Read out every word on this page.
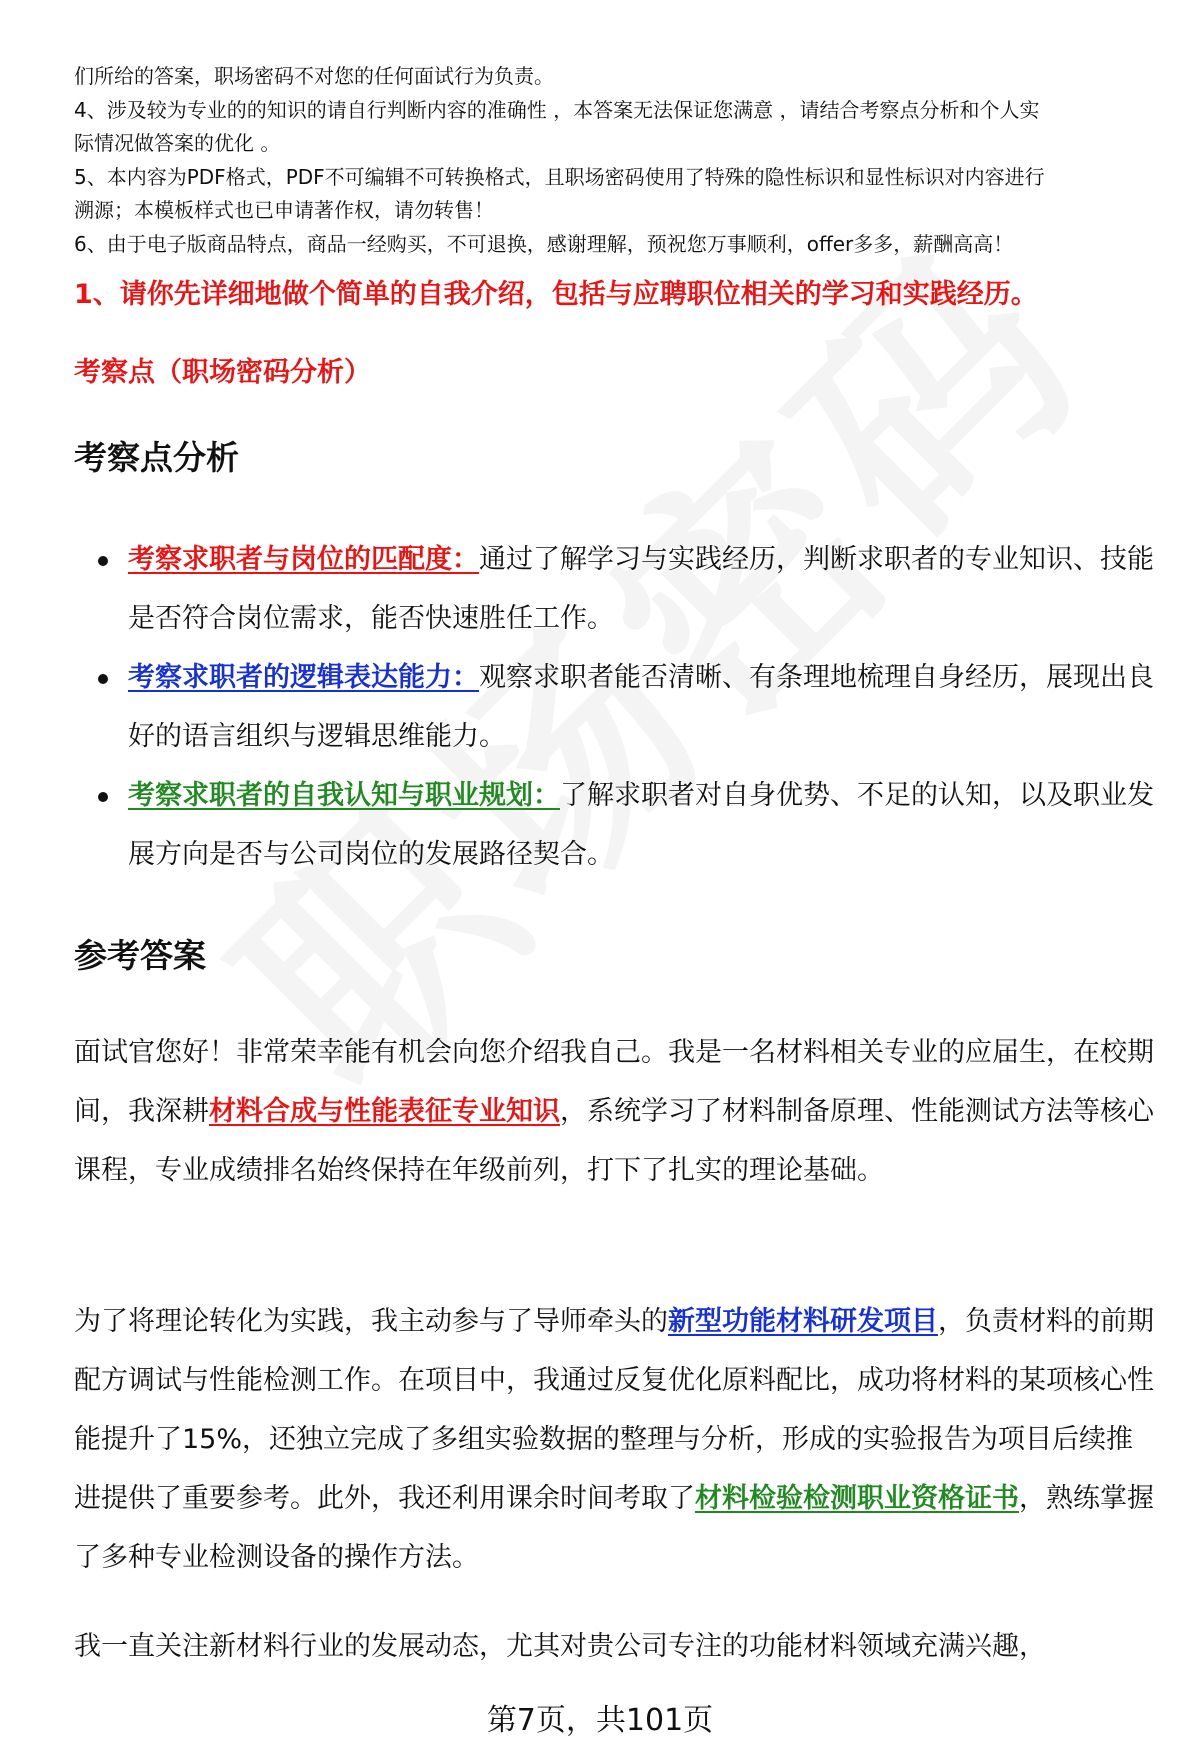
们所给的答案，职场密码不对您的任何面试行为负责。

4、涉及较为专业的的知识的请自行判断内容的准确性 ，本答案无法保证您满意 ，请结合考察点分析和个人实

际情况做答案的优化 。

5、本内容为PDF格式，PDF不可编辑不可转换格式，且职场密码使用了特殊的隐性标识和显性标识对内容进行

溯源；本模板样式也已申请著作权，请勿转售！

6、由于电子版商品特点，商品一经购买，不可退换，感谢理解，预祝您万事顺利，offer多多，薪酬高高！

1、请你先详细地做个简单的自我介绍，包括与应聘职位相关的学习和实践经历。

考察点（职场密码分析）

考察点分析
考察求职者与岗位的匹配度：通过了解学习与实践经历，判断求职者的专业知识、技能是否符合岗位需求，能否快速胜任工作。
考察求职者的逻辑表达能力：观察求职者能否清晰、有条理地梳理自身经历，展现出良好的语言组织与逻辑思维能力。
考察求职者的自我认知与职业规划：了解求职者对自身优势、不足的认知，以及职业发展方向是否与公司岗位的发展路径契合。
参考答案

面试官您好！非常荣幸能有机会向您介绍我自己。我是一名材料相关专业的应届生，在校期间，我深耕材料合成与性能表征专业知识，系统学习了材料制备原理、性能测试方法等核心课程，专业成绩排名始终保持在年级前列，打下了扎实的理论基础。

为了将理论转化为实践，我主动参与了导师牵头的新型功能材料研发项目，负责材料的前期配方调试与性能检测工作。在项目中，我通过反复优化原料配比，成功将材料的某项核心性能提升了15%，还独立完成了多组实验数据的整理与分析，形成的实验报告为项目后续推进提供了重要参考。此外，我还利用课余时间考取了材料检验检测职业资格证书，熟练掌握了多种专业检测设备的操作方法。

我一直关注新材料行业的发展动态，尤其对贵公司专注的功能材料领域充满兴趣，

第7页，共101页
